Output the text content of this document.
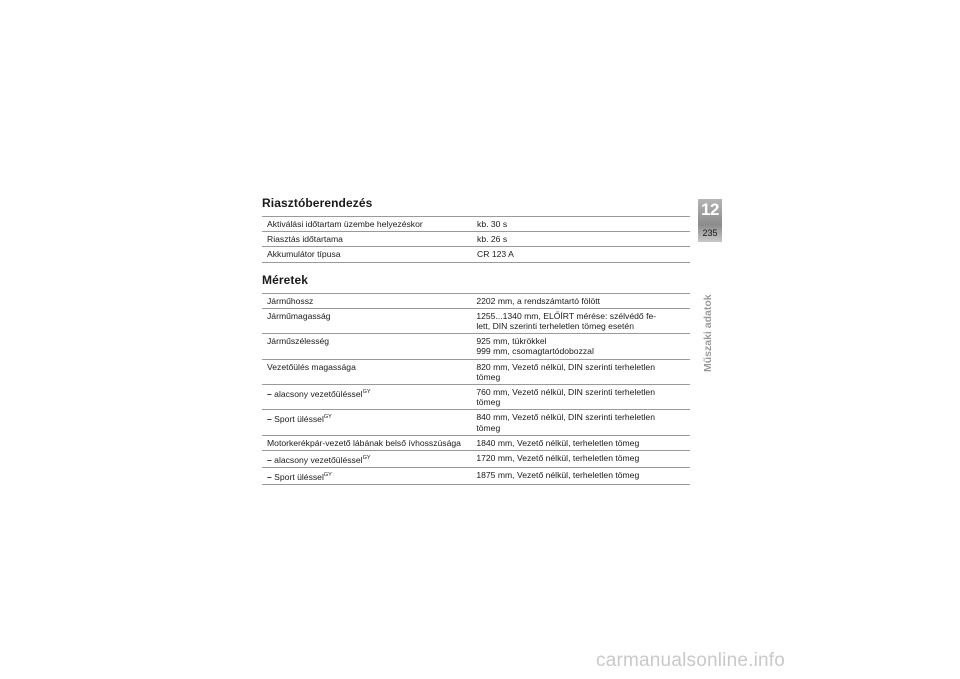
Riasztóberendezés
Aktiválási időtartam üzembe helyezéskor	kb. 30 s

Riasztás időtartama	kb. 26 s

Akkumulátor típusa	CR 123 A
Méretek
Járműhossz	2202 mm, a rendszámtartó fölött

Járműmagasság	1255...1340 mm, ELŐÍRT mérése: szélvédő fe-
lett, DIN szerinti terheletlen tömeg esetén

Járműszélesség	925 mm, tükrökkel
999 mm, csomagtartódobozzal

Vezetőülés magassága	820 mm, Vezető nélkül, DIN szerinti terheletlen
tömeg

– alacsony vezetőüléssel$^{GY}$	760 mm, Vezető nélkül, DIN szerinti terheletlen
tömeg

– Sport üléssel$^{GY}$	840 mm, Vezető nélkül, DIN szerinti terheletlen
tömeg

Motorkerékpár-vezető lábának belső ívhosszúsága	1840 mm, Vezető nélkül, terheletlen tömeg

– alacsony vezetőüléssel$^{GY}$	1720 mm, Vezető nélkül, terheletlen tömeg

– Sport üléssel$^{GY}$	1875 mm, Vezető nélkül, terheletlen tömeg
12
235
Műszaki adatok
carmanualsonline.info
